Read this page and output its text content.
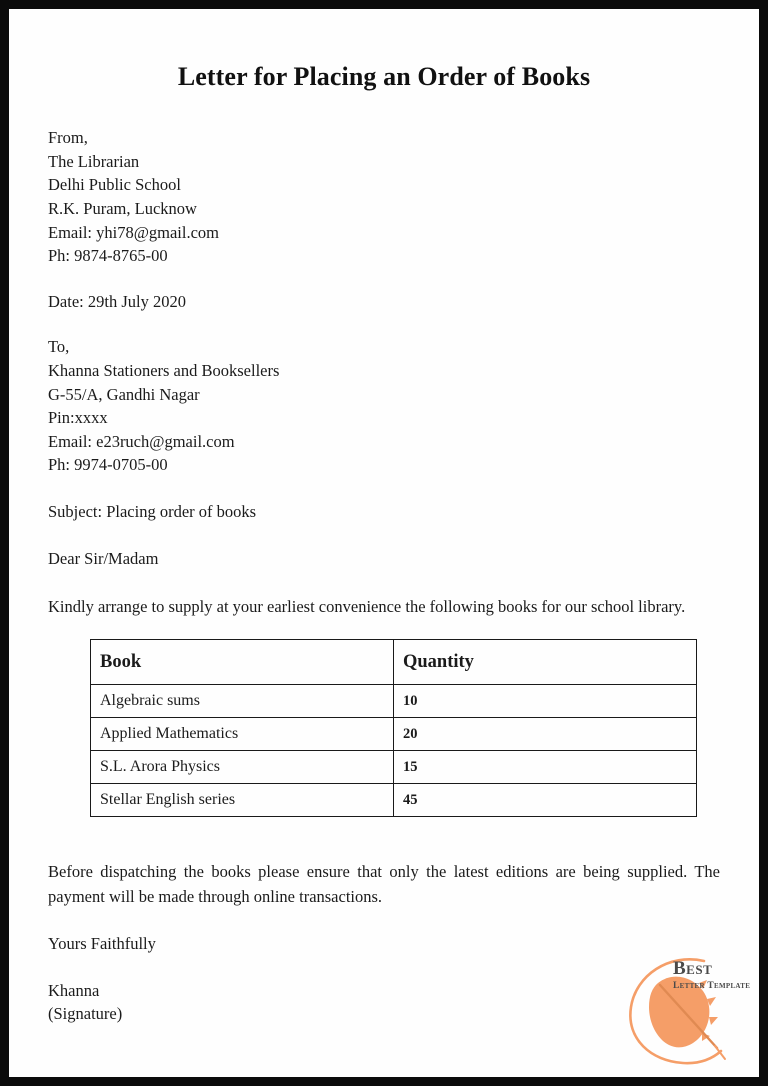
Letter for Placing an Order of Books
From,
The Librarian
Delhi Public School
R.K. Puram, Lucknow
Email: yhi78@gmail.com
Ph: 9874-8765-00
Date: 29th July 2020
To,
Khanna Stationers and Booksellers
G-55/A, Gandhi Nagar
Pin:xxxx
Email: e23ruch@gmail.com
Ph: 9974-0705-00
Subject: Placing order of books
Dear Sir/Madam

Kindly arrange to supply at your earliest convenience the following books for our school library.

Book	Quantity
Algebraic sums	10
Applied Mathematics	20
S.L. Arora Physics	15
Stellar English series	45

Before dispatching the books please ensure that only the latest editions are being supplied. The payment will be made through online transactions.

Yours Faithfully
Khanna
(Signature)
Best
Letter Template
